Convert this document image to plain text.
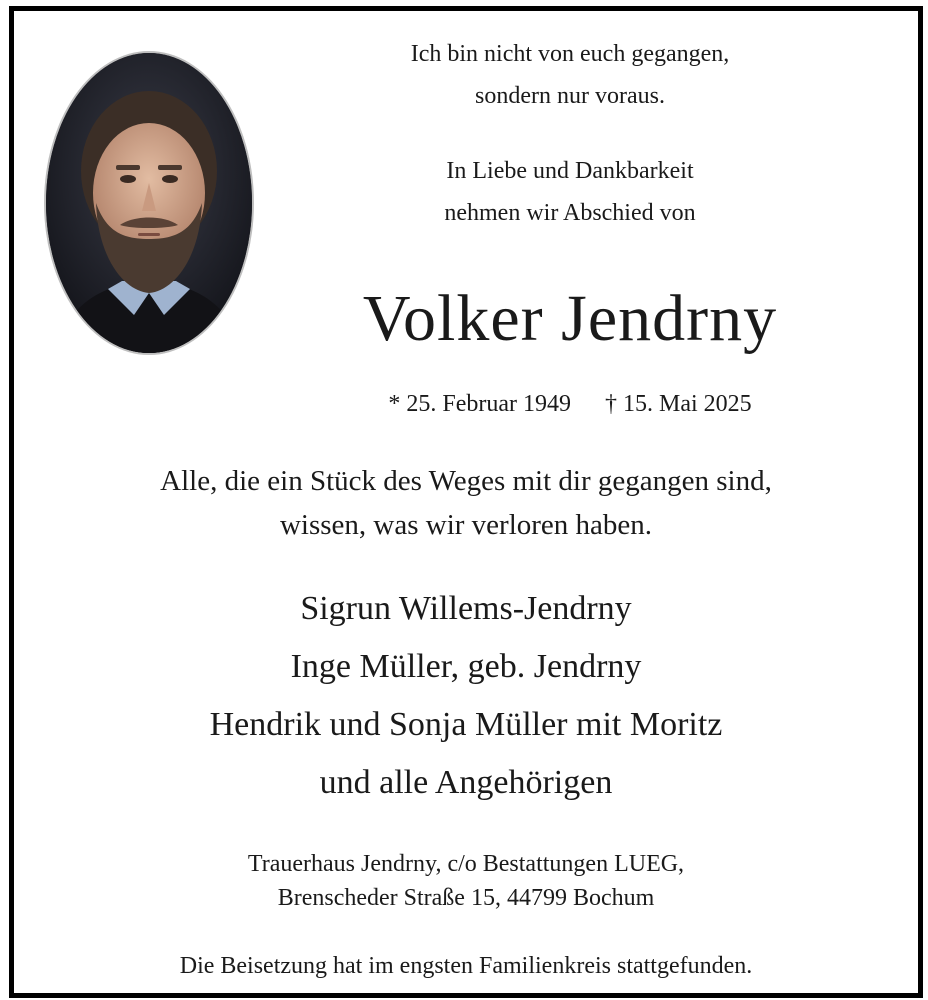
Ich bin nicht von euch gegangen,
sondern nur voraus.
In Liebe und Dankbarkeit
nehmen wir Abschied von
Volker Jendrny
* 25. Februar 1949 † 15. Mai 2025
Alle, die ein Stück des Weges mit dir gegangen sind,
wissen, was wir verloren haben.
Sigrun Willems-Jendrny
Inge Müller, geb. Jendrny
Hendrik und Sonja Müller mit Moritz
und alle Angehörigen
Trauerhaus Jendrny, c/o Bestattungen LUEG,
Brenscheder Straße 15, 44799 Bochum
Die Beisetzung hat im engsten Familienkreis stattgefunden.
